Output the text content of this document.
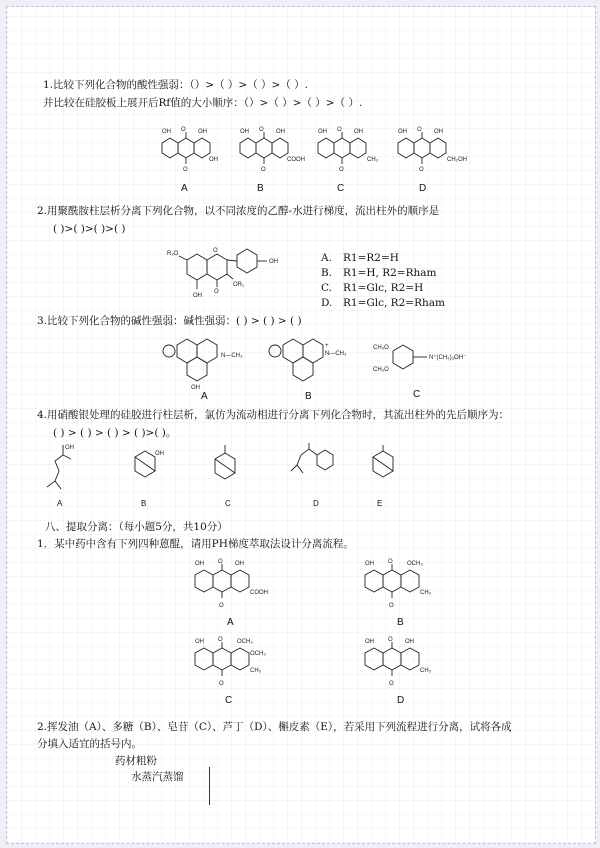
1.比较下列化合物的酸性强弱：（）>（ ）>（ ）>（ ）.
并比较在硅胶板上展开后Rf值的大小顺序：（）>（ ）>（ ）>（ ）.
O
O
OH	OH
OH
O
O
OH	OH
COOH
O
O
OH	OH
CH₃
O
O
OH	OH
CH₂OH
A	B	C	D
2.用聚酰胺柱层析分离下列化合物，以不同浓度的乙醇-水进行梯度，流出柱外的顺序是
( )>( )>( )>( )
R₂O
OH
OH
O
O
OR₁
A. R1=R2=H
B. R1=H, R2=Rham
C. R1=Glc, R2=H
D. R1=Glc, R2=Rham
3.比较下列化合物的碱性强弱：碱性强弱：( ) > ( ) > ( )
N—CH₃
OH
N—CH₃
+	CH₃O
CH₃O
N⁺(CH₃)₃OH⁻
A	B	C
4.用硝酸银处理的硅胶进行柱层析，氯仿为流动相进行分离下列化合物时，其流出柱外的先后顺序为：
( ) > ( ) > ( ) > ( )>( )。
OH
OH
A	B	C	D	E
八、提取分离：（每小题5分，共10分）
1．某中药中含有下列四种蒽醌，请用PH梯度萃取法设计分离流程。
O
O
OH	OH
COOH
O
O
OH	OCH₃
CH₃
A	B
O
O
OH	OCH₃
OCH₃
CH₃
O
O
OH	OH
CH₃
C	D
2.挥发油（A）、多糖（B）、皂苷（C）、芦丁（D）、槲皮素（E），若采用下列流程进行分离，试将各成
分填入适宜的括号内。
药材粗粉
水蒸汽蒸馏
